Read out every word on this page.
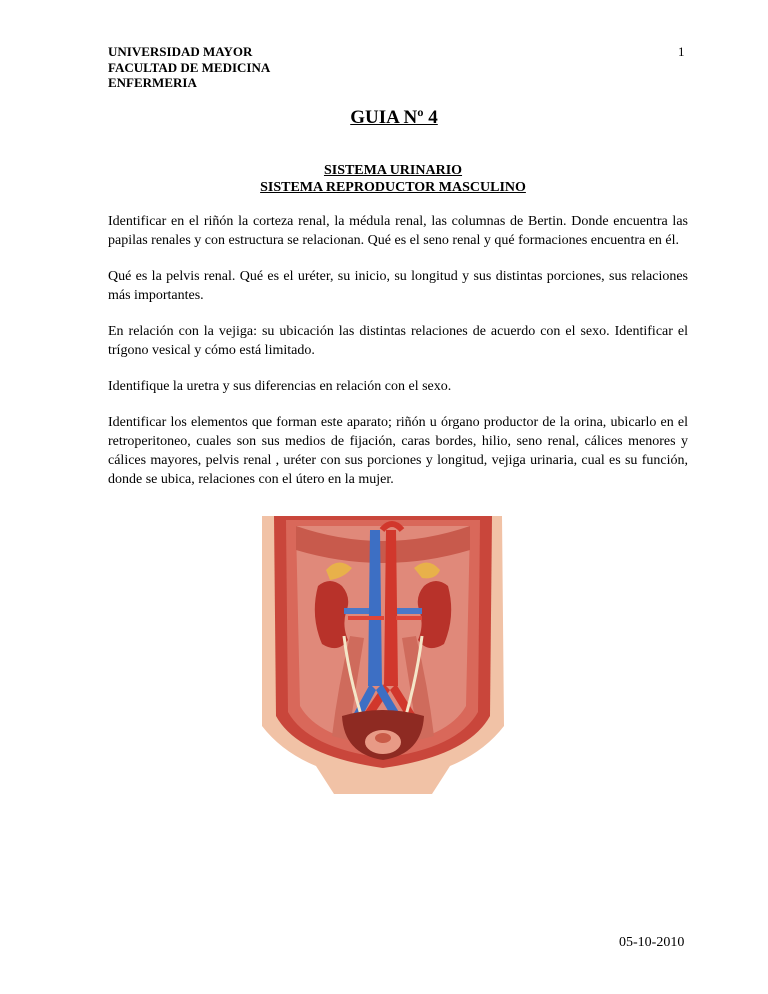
UNIVERSIDAD MAYOR
FACULTAD DE MEDICINA
ENFERMERIA
1
GUIA Nº 4
SISTEMA URINARIO
SISTEMA REPRODUCTOR MASCULINO

Identificar en el riñón la corteza renal, la médula renal, las columnas de Bertin. Donde encuentra las papilas renales y con estructura se relacionan. Qué es el seno renal y qué formaciones encuentra en él.

Qué es la pelvis renal. Qué es el uréter, su inicio, su longitud y sus distintas porciones, sus relaciones más importantes.

En relación con la vejiga: su ubicación las distintas relaciones de acuerdo con el sexo. Identificar el trígono vesical y cómo está limitado.

Identifique la uretra y sus diferencias en relación con el sexo.

Identificar los elementos que forman este aparato; riñón u órgano productor de la orina, ubicarlo en el retroperitoneo, cuales son sus medios de fijación, caras bordes, hilio, seno renal, cálices menores y cálices mayores, pelvis renal , uréter con sus porciones y longitud, vejiga urinaria, cual es su función, donde se ubica, relaciones con el útero en la mujer.

05-10-2010
